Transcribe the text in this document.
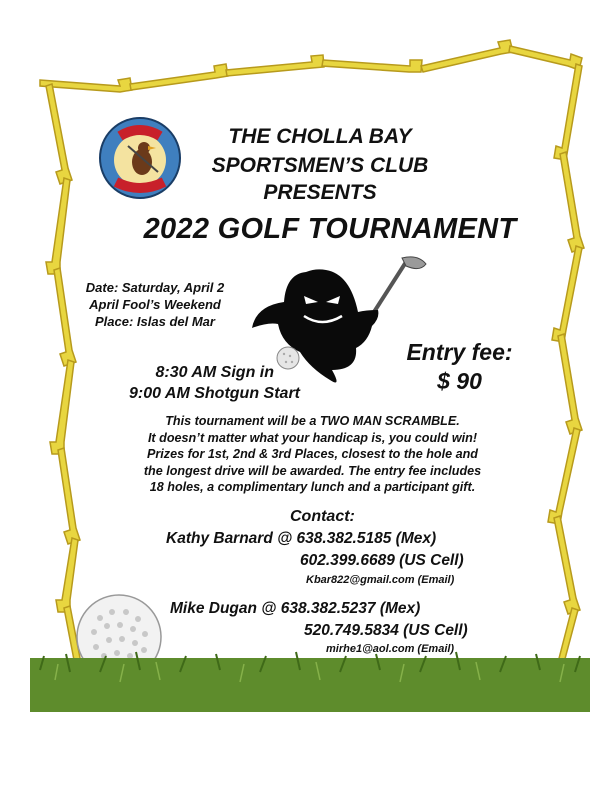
THE CHOLLA BAY
SPORTSMEN’S CLUB
PRESENTS
2022 GOLF TOURNAMENT
Date: Saturday, April 2
April Fool’s Weekend
Place: Islas del Mar
Entry fee:
$ 90
8:30 AM Sign in
9:00 AM Shotgun Start
This tournament will be a TWO MAN SCRAMBLE.
It doesn’t matter what your handicap is, you could win!
Prizes for 1st, 2nd & 3rd Places, closest to the hole and
the longest drive will be awarded. The entry fee includes
18 holes, a complimentary lunch and a participant gift.
Contact:
Kathy Barnard @ 638.382.5185 (Mex)
602.399.6689 (US Cell)
Kbar822@gmail.com (Email)
Mike Dugan @ 638.382.5237 (Mex)
520.749.5834 (US Cell)
mirhe1@aol.com (Email)
